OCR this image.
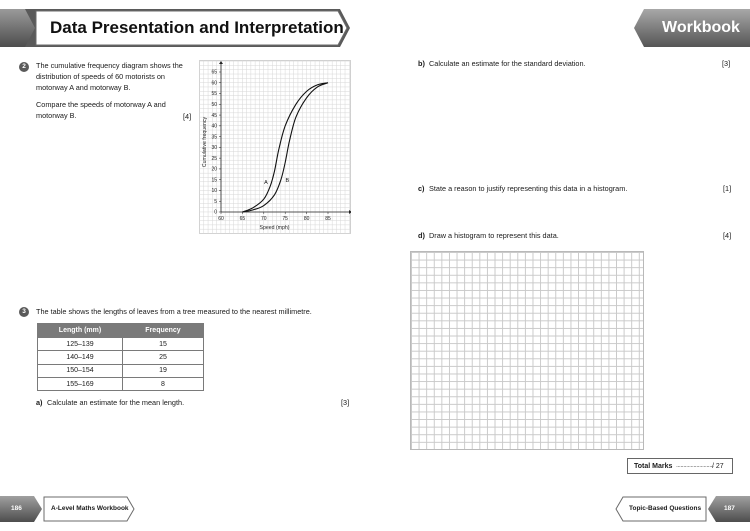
Data Presentation and Interpretation	Workbook
2	The cumulative frequency diagram shows the
distribution of speeds of 60 motorists on
motorway A and motorway B.
Compare the speeds of motorway A and
motorway B.	[4]
60	65	70	75	80	85
0
5
10
15
20
25
30
35
40
45
50
55
60
65
A	B
Speed (mph)
Cumulative frequency
3	The table shows the lengths of leaves from a tree measured to the nearest millimetre.
Length (mm)	Frequency
125–139	15
140–149	25
150–154	19
155–169	8
a) Calculate an estimate for the mean length.	[3]
b) Calculate an estimate for the standard deviation.	[3]
c) State a reason to justify representing this data in a histogram.	[1]
d) Draw a histogram to represent this data.	[4]
Total Marks ..........................
/ 27
186	A-Level Maths Workbook	Topic-Based Questions	187
